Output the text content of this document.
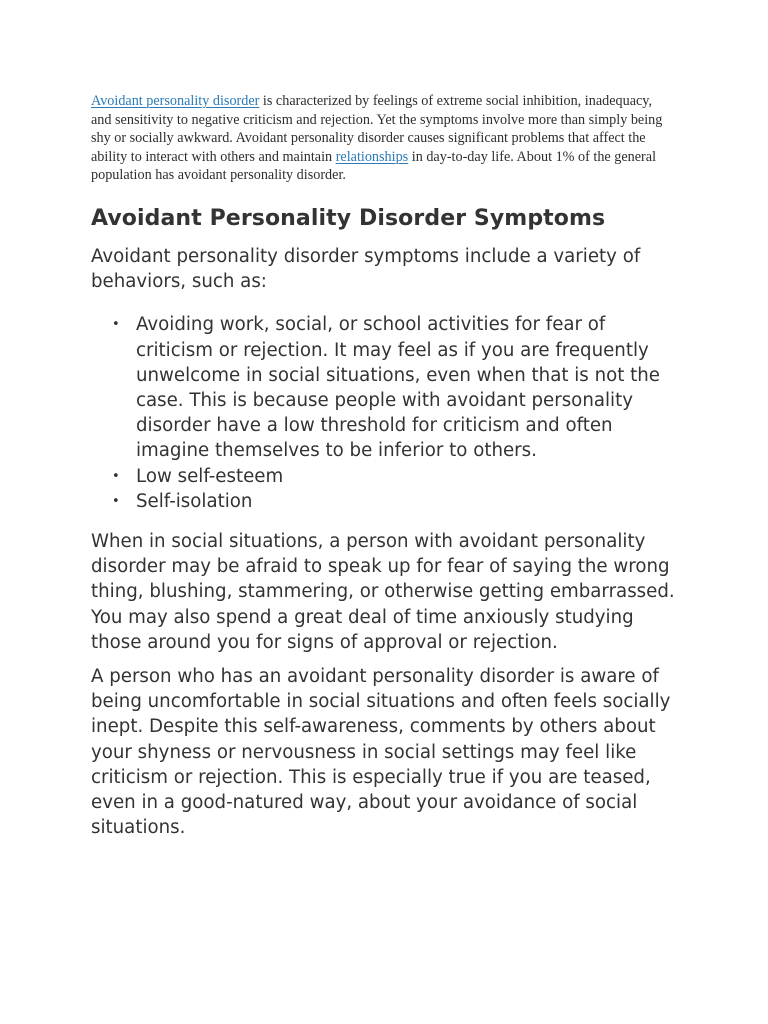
Avoidant personality disorder is characterized by feelings of extreme social inhibition, inadequacy, and sensitivity to negative criticism and rejection. Yet the symptoms involve more than simply being shy or socially awkward. Avoidant personality disorder causes significant problems that affect the ability to interact with others and maintain relationships in day-to-day life. About 1% of the general population has avoidant personality disorder.

Avoidant Personality Disorder Symptoms

Avoidant personality disorder symptoms include a variety of behaviors, such as:

• Avoiding work, social, or school activities for fear of criticism or rejection. It may feel as if you are frequently unwelcome in social situations, even when that is not the case. This is because people with avoidant personality disorder have a low threshold for criticism and often imagine themselves to be inferior to others.
• Low self-esteem
• Self-isolation

When in social situations, a person with avoidant personality disorder may be afraid to speak up for fear of saying the wrong thing, blushing, stammering, or otherwise getting embarrassed. You may also spend a great deal of time anxiously studying those around you for signs of approval or rejection.

A person who has an avoidant personality disorder is aware of being uncomfortable in social situations and often feels socially inept. Despite this self-awareness, comments by others about your shyness or nervousness in social settings may feel like criticism or rejection. This is especially true if you are teased, even in a good-natured way, about your avoidance of social situations.
